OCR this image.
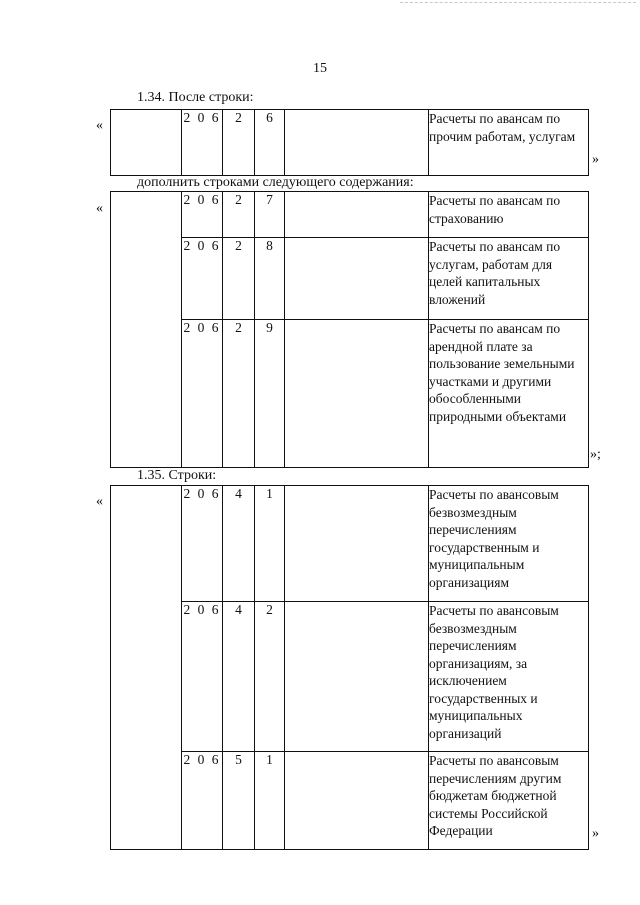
15
1.34. После строки:
«
	2 0 6	2	6		Расчеты по авансам по прочим работам, услугам
»
дополнить строками следующего содержания:
«
	2 0 6	2	7		Расчеты по авансам по страхованию
	2 0 6	2	8		Расчеты по авансам по услугам, работам для целей капитальных вложений
	2 0 6	2	9		Расчеты по авансам по арендной плате за пользование земельными участками и другими обособленными природными объектами
»;
1.35. Строки:
«
	2 0 6	4	1		Расчеты по авансовым безвозмездным перечислениям государственным и муниципальным организациям
	2 0 6	4	2		Расчеты по авансовым безвозмездным перечислениям организациям, за исключением государственных и муниципальных организаций
	2 0 6	5	1		Расчеты по авансовым перечислениям другим бюджетам бюджетной системы Российской Федерации	»
